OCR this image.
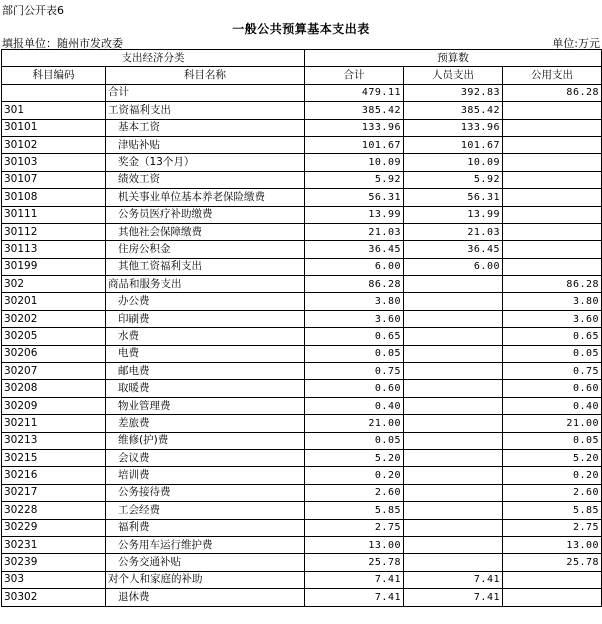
部门公开表6
一般公共预算基本支出表
填报单位：随州市发改委	单位:万元
支出经济分类		预算数		
科目编码	科目名称	合计	人员支出	公用支出
	合计	479.11	392.83	86.28
301	工资福利支出	385.42	385.42	
30101	基本工资	133.96	133.96	
30102	津贴补贴	101.67	101.67	
30103	奖金（13个月）	10.09	10.09	
30107	绩效工资	5.92	5.92	
30108	机关事业单位基本养老保险缴费	56.31	56.31	
30111	公务员医疗补助缴费	13.99	13.99	
30112	其他社会保障缴费	21.03	21.03	
30113	住房公积金	36.45	36.45	
30199	其他工资福利支出	6.00	6.00	
302	商品和服务支出	86.28		86.28
30201	办公费	3.80		3.80
30202	印刷费	3.60		3.60
30205	水费	0.65		0.65
30206	电费	0.05		0.05
30207	邮电费	0.75		0.75
30208	取暖费	0.60		0.60
30209	物业管理费	0.40		0.40
30211	差旅费	21.00		21.00
30213	维修(护)费	0.05		0.05
30215	会议费	5.20		5.20
30216	培训费	0.20		0.20
30217	公务接待费	2.60		2.60
30228	工会经费	5.85		5.85
30229	福利费	2.75		2.75
30231	公务用车运行维护费	13.00		13.00
30239	公务交通补贴	25.78		25.78
303	对个人和家庭的补助	7.41	7.41	
30302	退休费	7.41	7.41	
